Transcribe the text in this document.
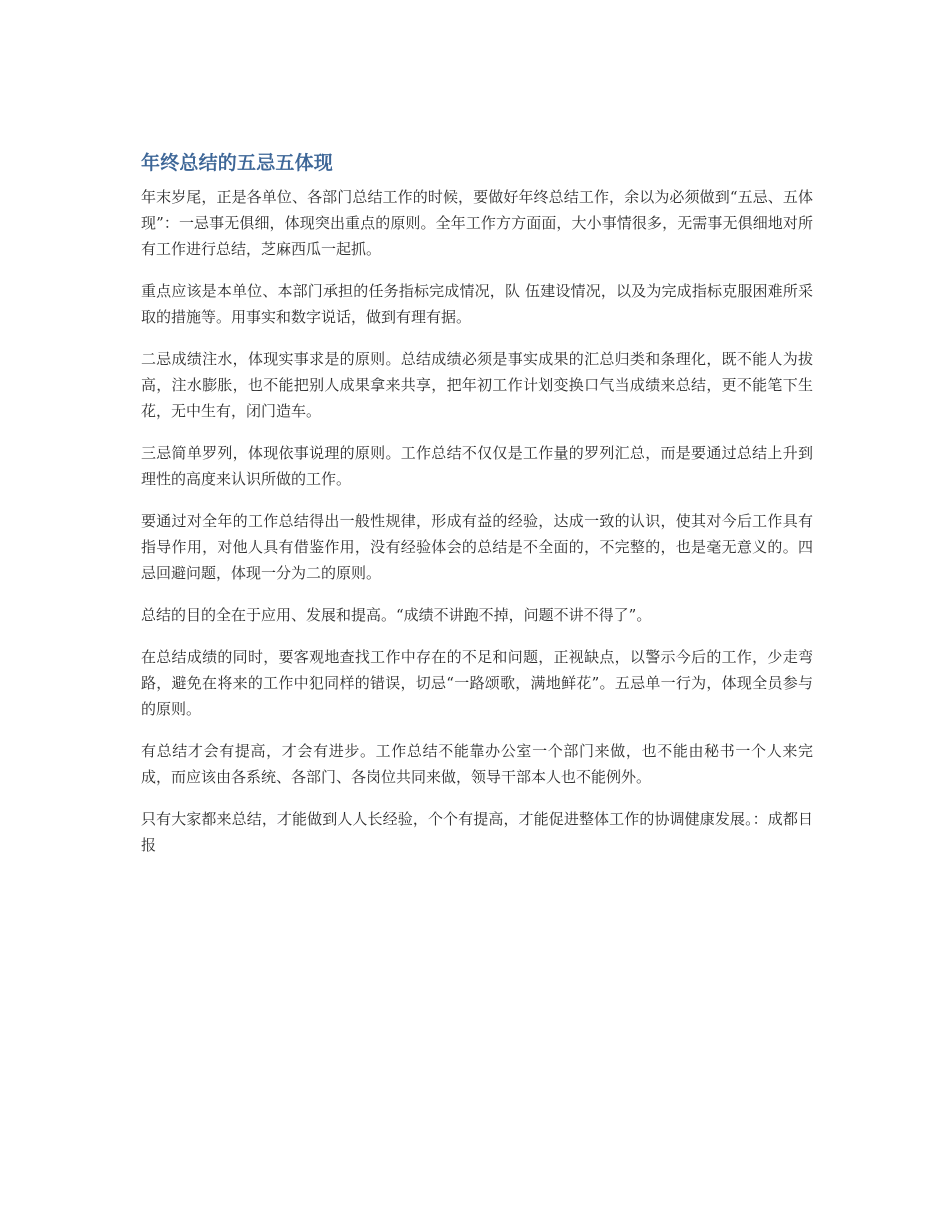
年终总结的五忌五体现

年末岁尾，正是各单位、各部门总结工作的时候，要做好年终总结工作，余以为必须做到“五忌、五体现”：一忌事无俱细，体现突出重点的原则。全年工作方方面面，大小事情很多，无需事无俱细地对所有工作进行总结，芝麻西瓜一起抓。

重点应该是本单位、本部门承担的任务指标完成情况，队 伍建设情况，以及为完成指标克服困难所采取的措施等。用事实和数字说话，做到有理有据。

二忌成绩注水，体现实事求是的原则。总结成绩必须是事实成果的汇总归类和条理化，既不能人为拔高，注水膨胀，也不能把别人成果拿来共享，把年初工作计划变换口气当成绩来总结，更不能笔下生花，无中生有，闭门造车。

三忌简单罗列，体现依事说理的原则。工作总结不仅仅是工作量的罗列汇总，而是要通过总结上升到理性的高度来认识所做的工作。

要通过对全年的工作总结得出一般性规律，形成有益的经验，达成一致的认识，使其对今后工作具有指导作用，对他人具有借鉴作用，没有经验体会的总结是不全面的，不完整的，也是毫无意义的。四忌回避问题，体现一分为二的原则。

总结的目的全在于应用、发展和提高。“成绩不讲跑不掉，问题不讲不得了”。

在总结成绩的同时，要客观地查找工作中存在的不足和问题，正视缺点，以警示今后的工作，少走弯路，避免在将来的工作中犯同样的错误，切忌“一路颂歌，满地鲜花”。五忌单一行为，体现全员参与的原则。

有总结才会有提高，才会有进步。工作总结不能靠办公室一个部门来做，也不能由秘书一个人来完成，而应该由各系统、各部门、各岗位共同来做，领导干部本人也不能例外。

只有大家都来总结，才能做到人人长经验，个个有提高，才能促进整体工作的协调健康发展。：成都日报
